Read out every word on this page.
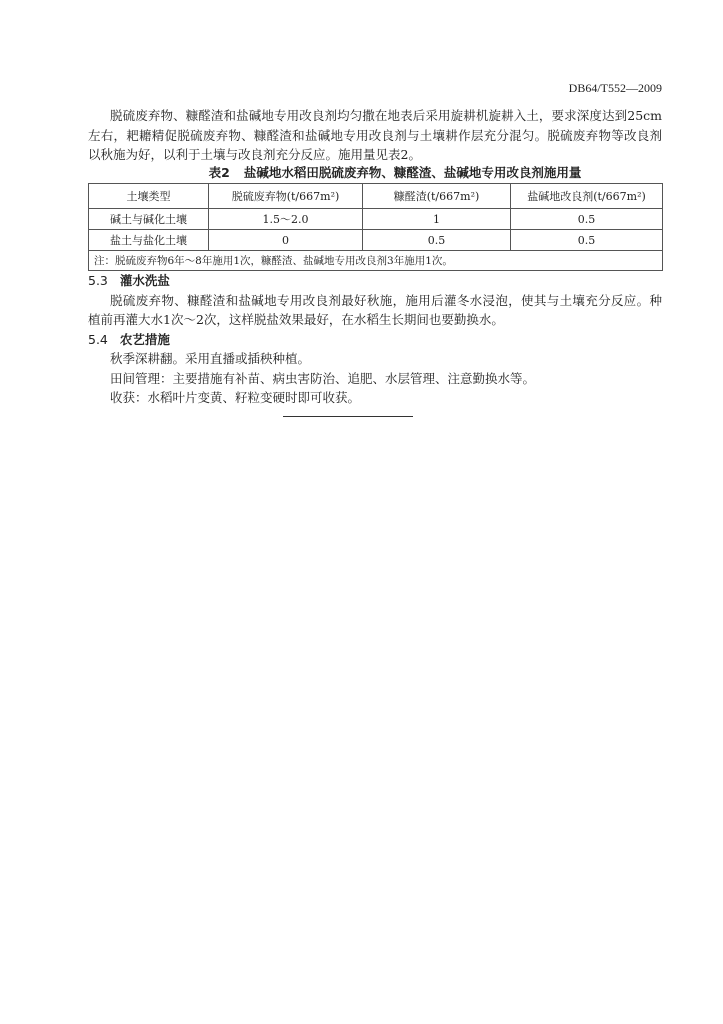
DB64/T552—2009
脱硫废弃物、糠醛渣和盐碱地专用改良剂均匀撒在地表后采用旋耕机旋耕入土，要求深度达到25cm
左右，耙耱精促脱硫废弃物、糠醛渣和盐碱地专用改良剂与土壤耕作层充分混匀。脱硫废弃物等改良剂
以秋施为好，以利于土壤与改良剂充分反应。施用量见表2。
表2 盐碱地水稻田脱硫废弃物、糠醛渣、盐碱地专用改良剂施用量
土壤类型	脱硫废弃物(t/667m²)	糠醛渣(t/667m²)	盐碱地改良剂(t/667m²)
碱土与碱化土壤	1.5～2.0	1	0.5
盐土与盐化土壤	0	0.5	0.5
注：脱硫废弃物6年～8年施用1次，糠醛渣、盐碱地专用改良剂3年施用1次。			
5.3 灌水洗盐
脱硫废弃物、糠醛渣和盐碱地专用改良剂最好秋施，施用后灌冬水浸泡，使其与土壤充分反应。种
植前再灌大水1次～2次，这样脱盐效果最好，在水稻生长期间也要勤换水。
5.4 农艺措施
秋季深耕翻。采用直播或插秧种植。
田间管理：主要措施有补苗、病虫害防治、追肥、水层管理、注意勤换水等。
收获：水稻叶片变黄、籽粒变硬时即可收获。
